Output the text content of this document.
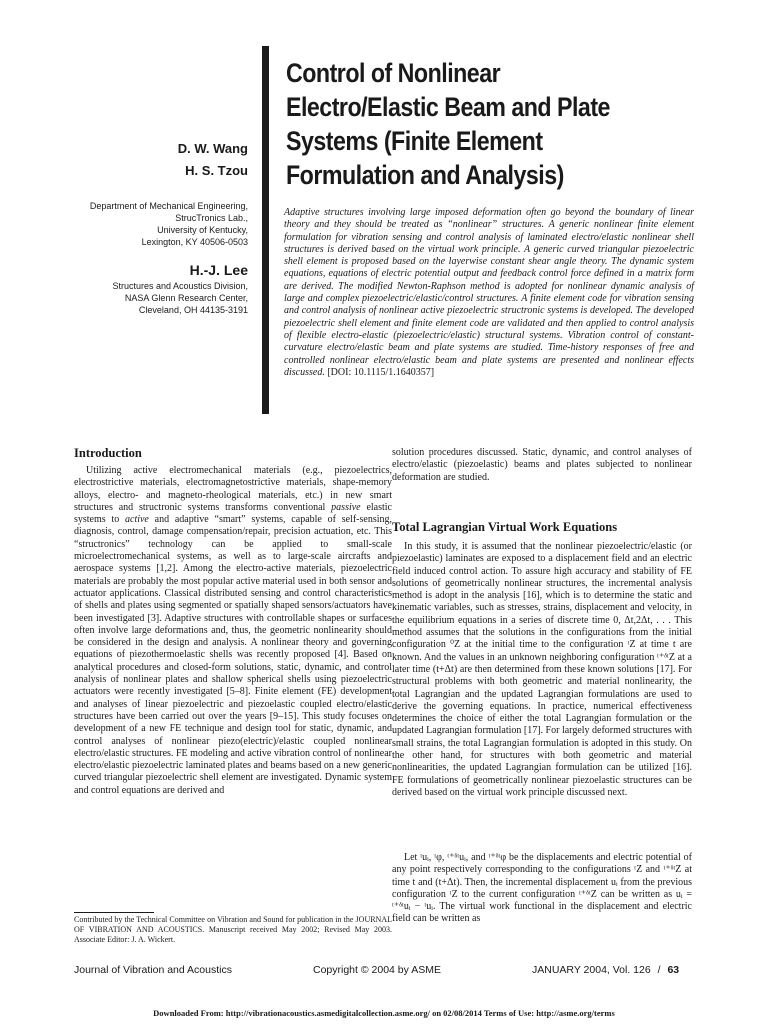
Control of Nonlinear Electro/Elastic Beam and Plate Systems (Finite Element Formulation and Analysis)
D. W. Wang
H. S. Tzou
Department of Mechanical Engineering,
StrucTronics Lab.,
University of Kentucky,
Lexington, KY 40506-0503
H.-J. Lee
Structures and Acoustics Division,
NASA Glenn Research Center,
Cleveland, OH 44135-3191
Adaptive structures involving large imposed deformation often go beyond the boundary of linear theory and they should be treated as “nonlinear” structures. A generic nonlinear finite element formulation for vibration sensing and control analysis of laminated electro/elastic nonlinear shell structures is derived based on the virtual work principle. A generic curved triangular piezoelectric shell element is proposed based on the layerwise constant shear angle theory. The dynamic system equations, equations of electric potential output and feedback control force defined in a matrix form are derived. The modified Newton-Raphson method is adopted for nonlinear dynamic analysis of large and complex piezoelectric/elastic/control structures. A finite element code for vibration sensing and control analysis of nonlinear active piezoelectric structronic systems is developed. The developed piezoelectric shell element and finite element code are validated and then applied to control analysis of flexible electro-elastic (piezoelectric/elastic) structural systems. Vibration control of constant-curvature electro/elastic beam and plate systems are studied. Time-history responses of free and controlled nonlinear electro/elastic beam and plate systems are presented and nonlinear effects discussed. [DOI: 10.1115/1.1640357]
Introduction
Utilizing active electromechanical materials (e.g., piezoelectrics, electrostrictive materials, electromagnetostrictive materials, shape-memory alloys, electro- and magneto-rheological materials, etc.) in new smart structures and structronic systems transforms conventional passive elastic systems to active and adaptive “smart” systems, capable of self-sensing, diagnosis, control, damage compensation/repair, precision actuation, etc. This “structronics” technology can be applied to small-scale microelectromechanical systems, as well as to large-scale aircrafts and aerospace systems [1,2]. Among the electro-active materials, piezoelectric materials are probably the most popular active material used in both sensor and actuator applications. Classical distributed sensing and control characteristics of shells and plates using segmented or spatially shaped sensors/actuators have been investigated [3]. Adaptive structures with controllable shapes or surfaces often involve large deformations and, thus, the geometric nonlinearity should be considered in the design and analysis. A nonlinear theory and governing equations of piezothermoelastic shells was recently proposed [4]. Based on analytical procedures and closed-form solutions, static, dynamic, and control analysis of nonlinear plates and shallow spherical shells using piezoelectric actuators were recently investigated [5–8]. Finite element (FE) development and analyses of linear piezoelectric and piezoelastic coupled electro/elastic structures have been carried out over the years [9–15]. This study focuses on development of a new FE technique and design tool for static, dynamic, and control analyses of nonlinear piezo(electric)/elastic coupled nonlinear electro/elastic structures. FE modeling and active vibration control of nonlinear electro/elastic piezoelectric laminated plates and beams based on a new generic curved triangular piezoelectric shell element are investigated. Dynamic system and control equations are derived and
Contributed by the Technical Committee on Vibration and Sound for publication in the JOURNAL OF VIBRATION AND ACOUSTICS. Manuscript received May 2002; Revised May 2003. Associate Editor: J. A. Wickert.
solution procedures discussed. Static, dynamic, and control analyses of electro/elastic (piezoelastic) beams and plates subjected to nonlinear deformation are studied.
Total Lagrangian Virtual Work Equations
In this study, it is assumed that the nonlinear piezoelectric/elastic (or piezoelastic) laminates are exposed to a displacement field and an electric field induced control action. To assure high accuracy and stability of FE solutions of geometrically nonlinear structures, the incremental analysis method is adopt in the analysis [16], which is to determine the static and kinematic variables, such as stresses, strains, displacement and velocity, in the equilibrium equations in a series of discrete time 0, Δt,2Δt, . . . This method assumes that the solutions in the configurations from the initial configuration ⁰Z at the initial time to the configuration ᵗZ at time t are known. And the values in an unknown neighboring configuration ᵗ⁺ᵟᵗZ at a later time (t+Δt) are then determined from these known solutions [17]. For structural problems with both geometric and material nonlinearity, the total Lagrangian and the updated Lagrangian formulations are used to derive the governing equations. In practice, numerical effectiveness determines the choice of either the total Lagrangian formulation or the updated Lagrangian formulation [17]. For largely deformed structures with small strains, the total Lagrangian formulation is adopted in this study. On the other hand, for structures with both geometric and material nonlinearities, the updated Lagrangian formulation can be utilized [16]. FE formulations of geometrically nonlinear piezoelastic structures can be derived based on the virtual work principle discussed next.
Let ᵗuᵢ, ᵗφ, ᵗ⁺ᵟᵗuᵢ, and ᵗ⁺ᵟᵗφ be the displacements and electric potential of any point respectively corresponding to the configurations ᵗZ and ᵗ⁺ᵟᵗZ at time t and (t+Δt). Then, the incremental displacement uᵢ from the previous configuration ᵗZ to the current configuration ᵗ⁺ᵟᵗZ can be written as uᵢ = ᵗ⁺ᵟᵗuᵢ − ᵗuᵢ. The virtual work functional in the displacement and electric field can be written as
Journal of Vibration and Acoustics	Copyright © 2004 by ASME	JANUARY 2004, Vol. 126 / 63
Downloaded From: http://vibrationacoustics.asmedigitalcollection.asme.org/ on 02/08/2014 Terms of Use: http://asme.org/terms
